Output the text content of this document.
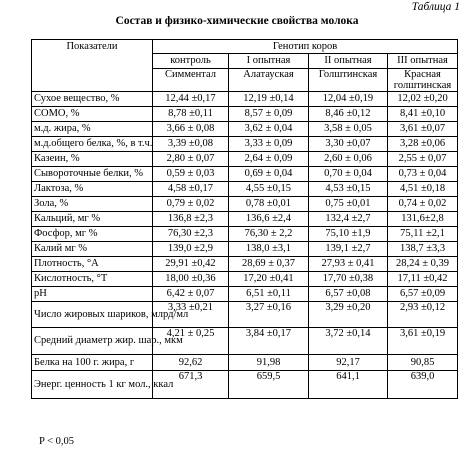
Таблица 1
Состав и физико-химические свойства молока
Показатели	Генотип коров			
	контроль	I опытная	II опытная	III опытная
	Симментал	Алатауская	Голштинская	Красная голштинская
Сухое вещество, %	12,44 ±0,17	12,19 ±0,14	12,04 ±0,19	12,02 ±0,20
СОМО, %	8,78 ±0,11	8,57 ± 0,09	8,46 ±0,12	8,41 ±0,10
м.д. жира, %	3,66 ± 0,08	3,62 ± 0,04	3,58 ± 0,05	3,61 ±0,07
м.д.общего белка, %, в т.ч.	3,39 ±0,08	3,33 ± 0,09	3,30 ±0,07	3,28 ±0,06
Казеин, %	2,80 ± 0,07	2,64 ± 0,09	2,60 ± 0,06	2,55 ± 0,07
Сывороточные белки, %	0,59 ± 0,03	0,69 ± 0,04	0,70 ± 0,04	0,73 ± 0,04
Лактоза, %	4,58 ±0,17	4,55 ±0,15	4,53 ±0,15	4,51 ±0,18
Зола, %	0,79 ± 0,02	0,78 ±0,01	0,75 ±0,01	0,74 ± 0,02
Кальций, мг %	136,8 ±2,3	136,6 ±2,4	132,4 ±2,7	131,6±2,8
Фосфор, мг %	76,30 ±2,3	76,30 ± 2,2	75,10 ±1,9	75,11 ±2,1
Калий мг %	139,0 ±2,9	138,0 ±3,1	139,1 ±2,7	138,7 ±3,3
Плотность, °А	29,91 ±0,42	28,69 ± 0,37	27,93 ± 0,41	28,24 ± 0,39
Кислотность, °Т	18,00 ±0,36	17,20 ±0,41	17,70 ±0,38	17,11 ±0,42
рН	6,42 ± 0,07	6,51 ±0,11	6,57 ±0,08	6,57 ±0,09
Число жировых шариков, млрд/мл	3,33 ±0,21	3,27 ±0,16	3,29 ±0,20	2,93 ±0,12
Средний диаметр жир. шар., мкм	4,21 ± 0,25	3,84 ±0,17	3,72 ±0,14	3,61 ±0,19
Белка на 100 г. жира, г	92,62	91,98	92,17	90,85
Энерг. ценность 1 кг мол., ккал	671,3	659,5	641,1	639,0
P < 0,05
